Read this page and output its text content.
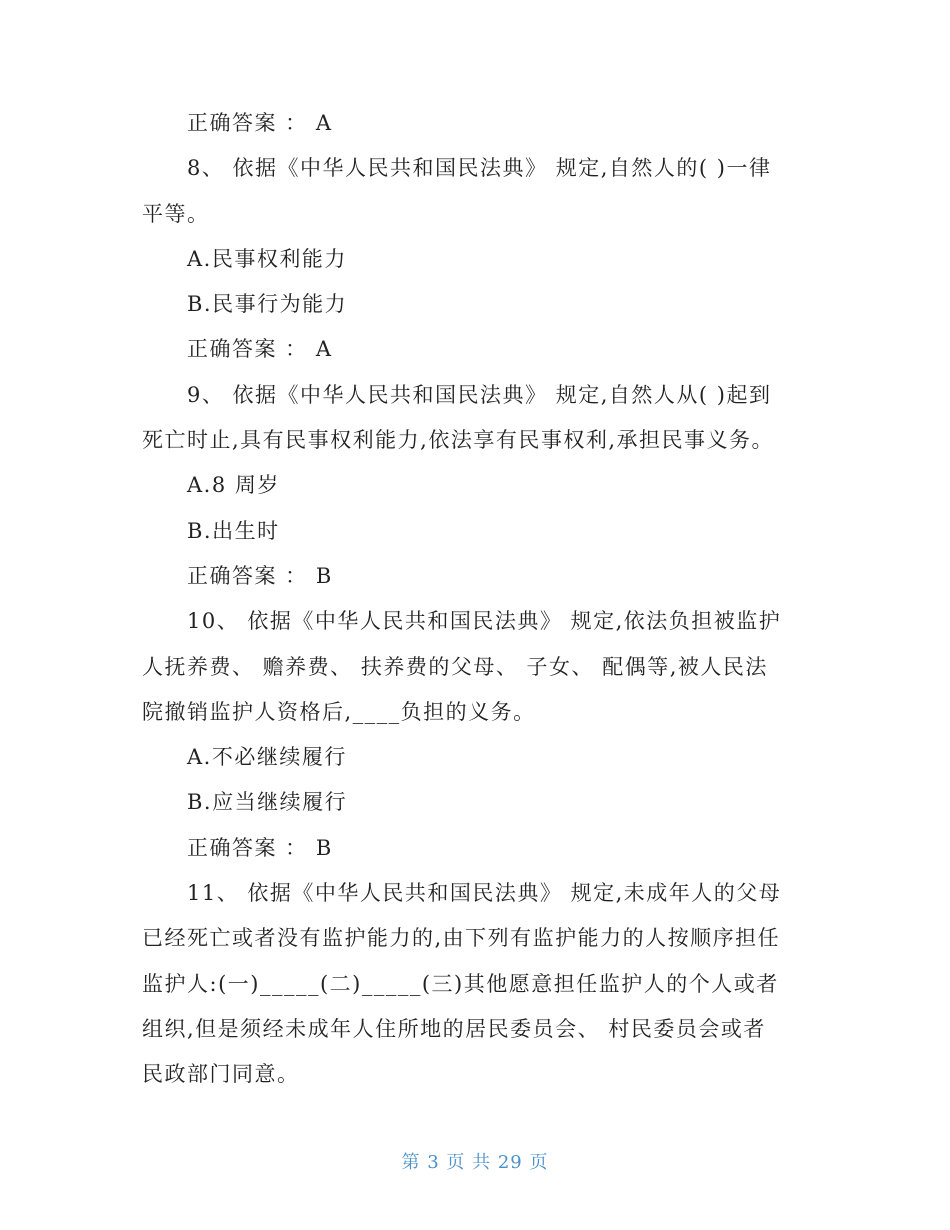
正确答案 ： A
8、 依据《中华人民共和国民法典》 规定,自然人的( )一律
平等。
A.民事权利能力
B.民事行为能力
正确答案 ： A
9、 依据《中华人民共和国民法典》 规定,自然人从( )起到
死亡时止,具有民事权利能力,依法享有民事权利,承担民事义务。
A.8 周岁
B.出生时
正确答案 ： B
10、 依据《中华人民共和国民法典》 规定,依法负担被监护
人抚养费、 赡养费、 扶养费的父母、 子女、 配偶等,被人民法
院撤销监护人资格后,____负担的义务。
A.不必继续履行
B.应当继续履行
正确答案 ： B
11、 依据《中华人民共和国民法典》 规定,未成年人的父母
已经死亡或者没有监护能力的,由下列有监护能力的人按顺序担任
监护人:(一)_____(二)_____(三)其他愿意担任监护人的个人或者
组织,但是须经未成年人住所地的居民委员会、 村民委员会或者
民政部门同意。
第 3 页 共 29 页
